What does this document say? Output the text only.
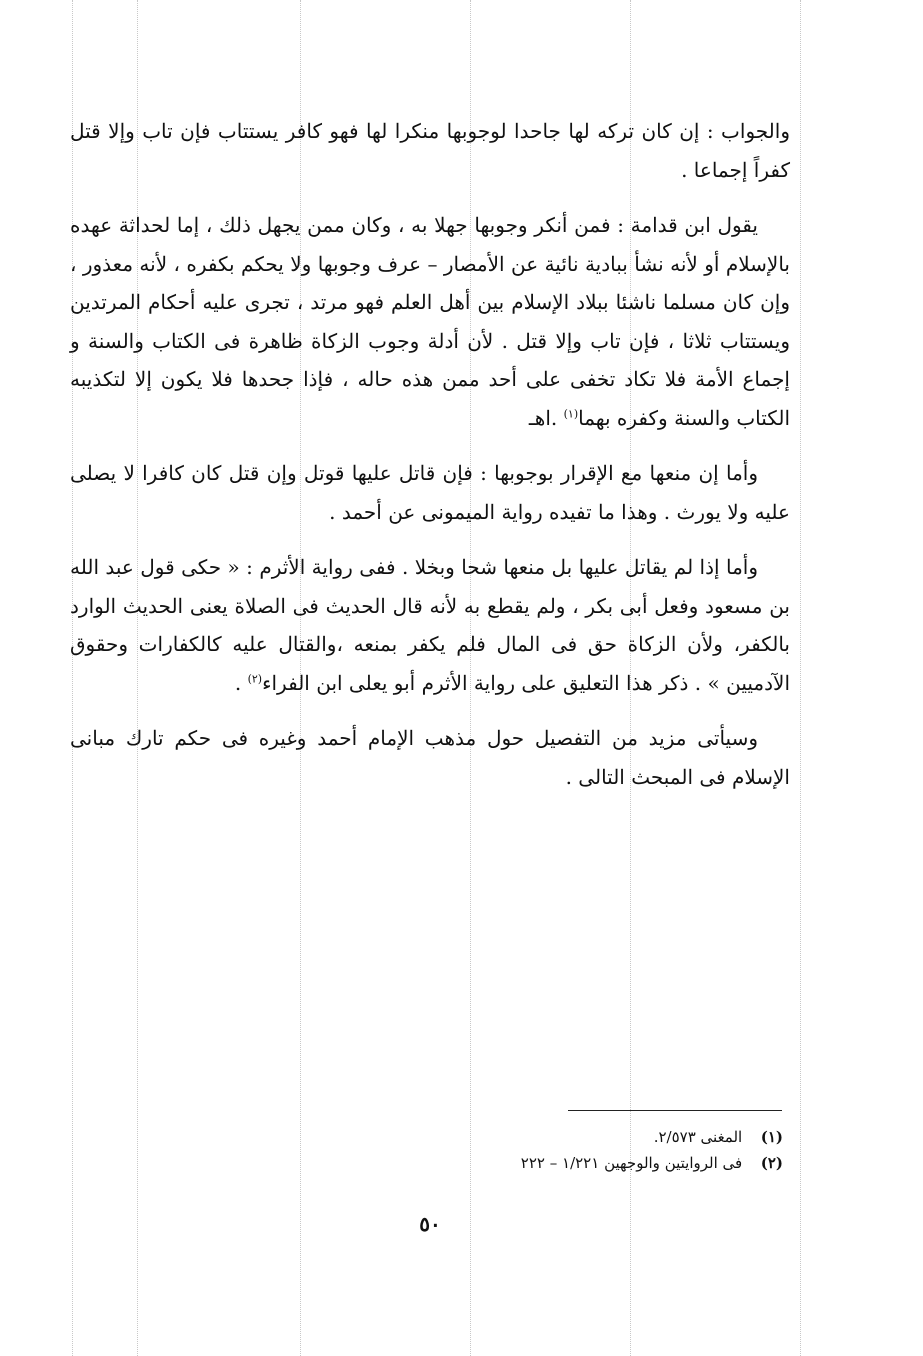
والجواب : إن كان تركه لها جاحدا لوجوبها منكرا لها فهو كافر يستتاب فإن تاب وإلا قتل كفراً إجماعا .

يقول ابن قدامة : فمن أنكر وجوبها جهلا به ، وكان ممن يجهل ذلك ، إما لحداثة عهده بالإسلام أو لأنه نشأ ببادية نائية عن الأمصار – عرف وجوبها ولا يحكم بكفره ، لأنه معذور ، وإن كان مسلما ناشئا ببلاد الإسلام بين أهل العلم فهو مرتد ، تجرى عليه أحكام المرتدين ويستتاب ثلاثا ، فإن تاب وإلا قتل . لأن أدلة وجوب الزكاة ظاهرة فى الكتاب والسنة و إجماع الأمة فلا تكاد تخفى على أحد ممن هذه حاله ، فإذا جحدها فلا يكون إلا لتكذيبه الكتاب والسنة وكفره بهما$^{(١)}$ .اهـ

وأما إن منعها مع الإقرار بوجوبها : فإن قاتل عليها قوتل وإن قتل كان كافرا لا يصلى عليه ولا يورث . وهذا ما تفيده رواية الميمونى عن أحمد .

وأما إذا لم يقاتل عليها بل منعها شحا وبخلا . ففى رواية الأثرم : « حكى قول عبد الله بن مسعود وفعل أبى بكر ، ولم يقطع به لأنه قال الحديث فى الصلاة يعنى الحديث الوارد بالكفر، ولأن الزكاة حق فى المال فلم يكفر بمنعه ،والقتال عليه كالكفارات وحقوق الآدميين » . ذكر هذا التعليق على رواية الأثرم أبو يعلى ابن الفراء$^{(٢)}$ .

وسيأتى مزيد من التفصيل حول مذهب الإمام أحمد وغيره فى حكم تارك مبانى الإسلام فى المبحث التالى .

(١) المغنى ٢/٥٧٣.
(٢) فى الروايتين والوجهين ١/٢٢١ – ٢٢٢
٥٠
